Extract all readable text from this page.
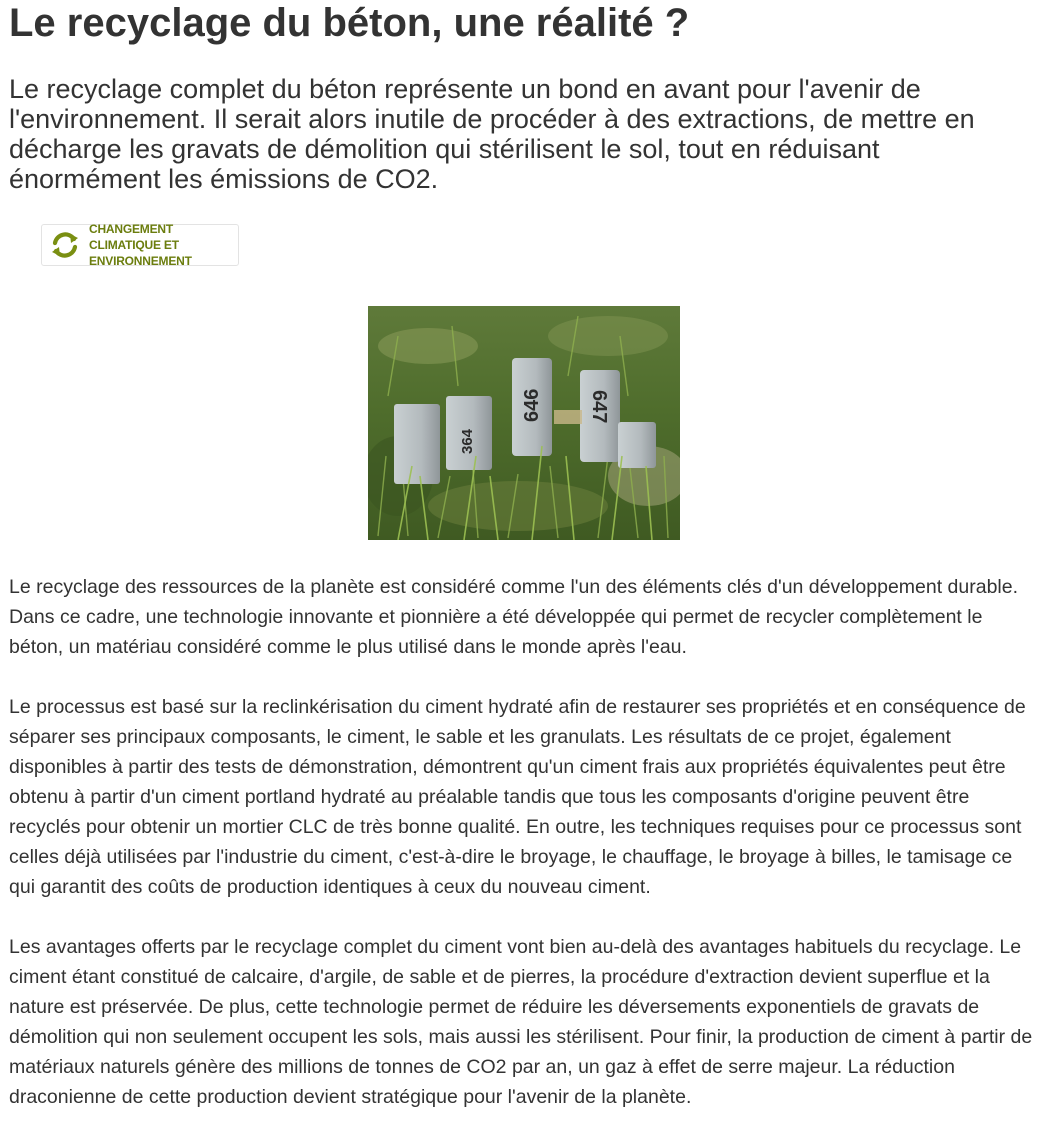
Le recyclage du béton, une réalité ?

Le recyclage complet du béton représente un bond en avant pour l'avenir de l'environnement. Il serait alors inutile de procéder à des extractions, de mettre en décharge les gravats de démolition qui stérilisent le sol, tout en réduisant énormément les émissions de CO2.

CHANGEMENT CLIMATIQUE ET ENVIRONNEMENT
364
646 647

Le recyclage des ressources de la planète est considéré comme l'un des éléments clés d'un développement durable. Dans ce cadre, une technologie innovante et pionnière a été développée qui permet de recycler complètement le béton, un matériau considéré comme le plus utilisé dans le monde après l'eau.

Le processus est basé sur la reclinkérisation du ciment hydraté afin de restaurer ses propriétés et en conséquence de séparer ses principaux composants, le ciment, le sable et les granulats. Les résultats de ce projet, également disponibles à partir des tests de démonstration, démontrent qu'un ciment frais aux propriétés équivalentes peut être obtenu à partir d'un ciment portland hydraté au préalable tandis que tous les composants d'origine peuvent être recyclés pour obtenir un mortier CLC de très bonne qualité. En outre, les techniques requises pour ce processus sont celles déjà utilisées par l'industrie du ciment, c'est-à-dire le broyage, le chauffage, le broyage à billes, le tamisage ce qui garantit des coûts de production identiques à ceux du nouveau ciment.

Les avantages offerts par le recyclage complet du ciment vont bien au-delà des avantages habituels du recyclage. Le ciment étant constitué de calcaire, d'argile, de sable et de pierres, la procédure d'extraction devient superflue et la nature est préservée. De plus, cette technologie permet de réduire les déversements exponentiels de gravats de démolition qui non seulement occupent les sols, mais aussi les stérilisent. Pour finir, la production de ciment à partir de matériaux naturels génère des millions de tonnes de CO2 par an, un gaz à effet de serre majeur. La réduction draconienne de cette production devient stratégique pour l'avenir de la planète.
